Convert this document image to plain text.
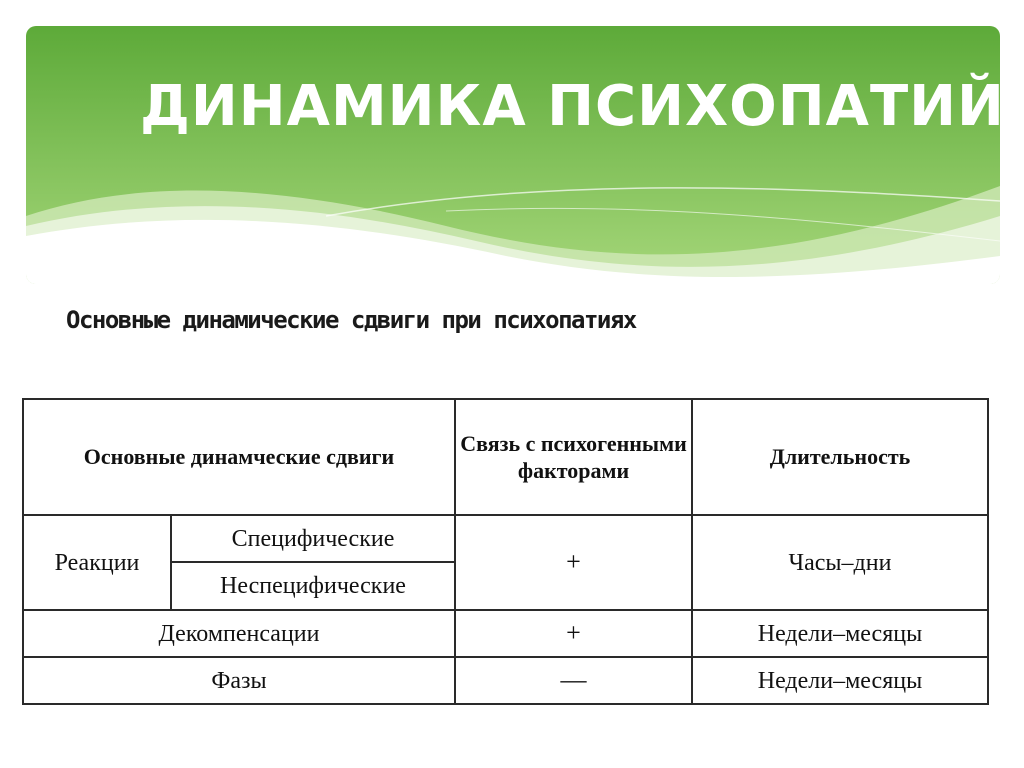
ДИНАМИКА ПСИХОПАТИЙ

Основные динамические сдвиги при психопатиях

Основные динамческие сдвиги		Связь с психогенными факторами	Длительность
Реакции	Специфические	+	Часы–дни
	Неспецифические		
Декомпенсации		+	Недели–месяцы
Фазы		—	Недели–месяцы
